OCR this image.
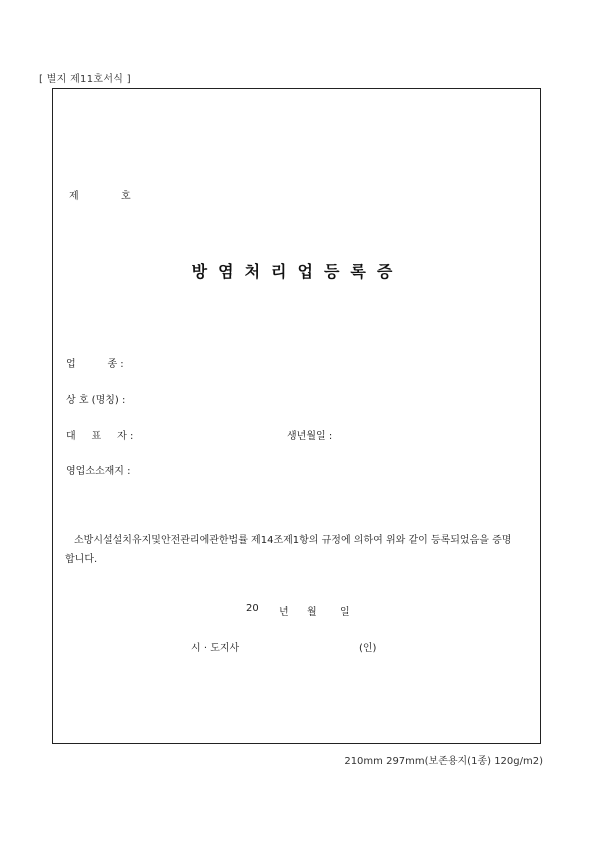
[ 별지 제11호서식 ]
제	호
방염처리업등록증
업          종 :
상 호 (명칭) :
대     표     자 :	생년월일 :
영업소소재지 :
소방시설설치유지및안전관리에관한법률 제14조제1항의 규정에 의하여 위와 같이 등록되었음을 증명합니다.
20 년 월 일
시 · 도지사	(인)
210mm 297mm(보존용지(1종) 120g/m2)
